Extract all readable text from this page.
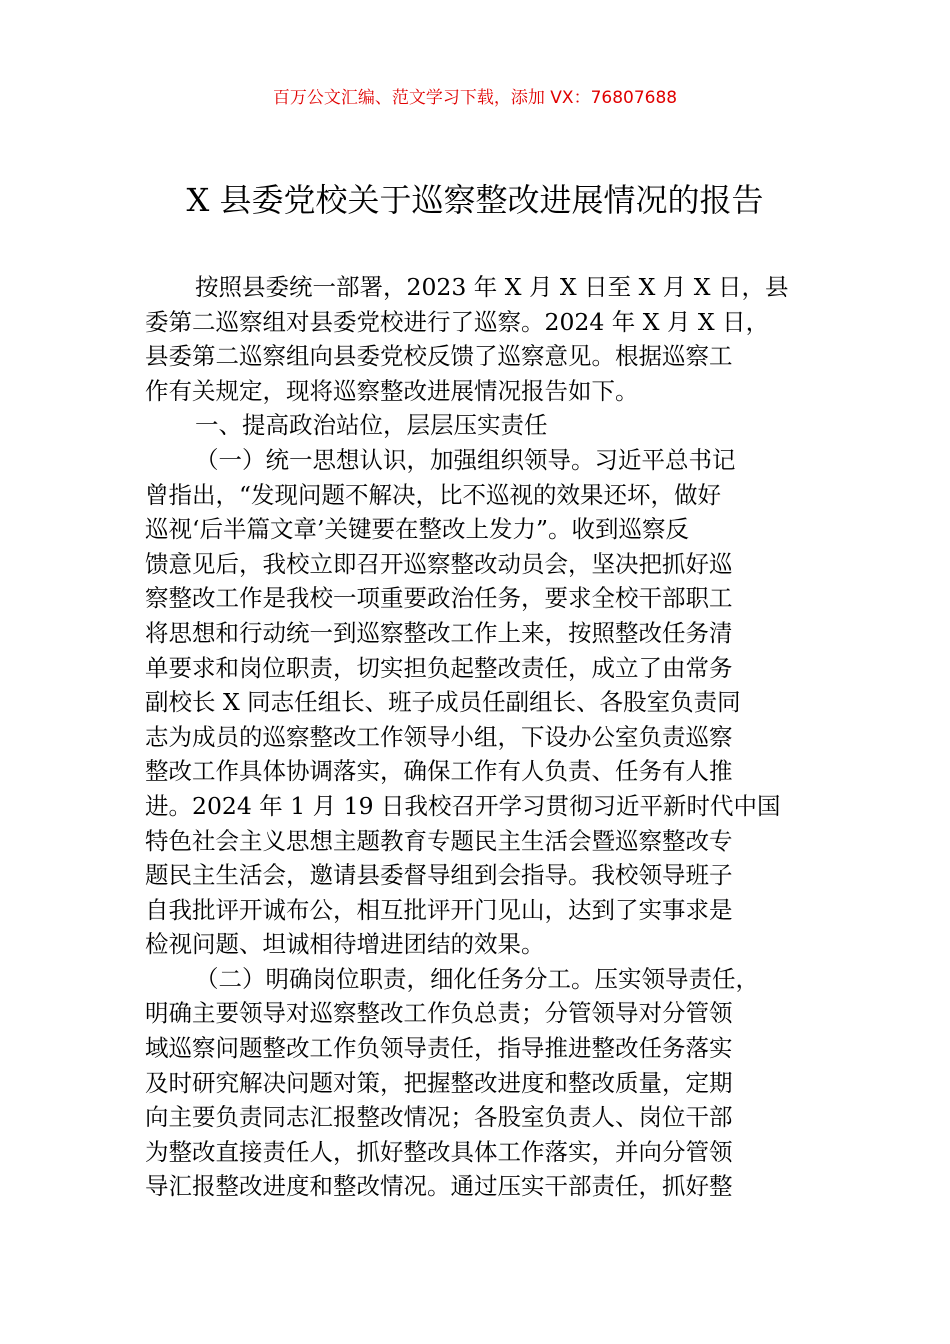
百万公文汇编、范文学习下载，添加 VX：76807688
X 县委党校关于巡察整改进展情况的报告
按照县委统一部署，2023 年 X 月 X 日至 X 月 X 日，县
委第二巡察组对县委党校进行了巡察。2024 年 X 月 X 日，
县委第二巡察组向县委党校反馈了巡察意见。根据巡察工
作有关规定，现将巡察整改进展情况报告如下。
一、提高政治站位，层层压实责任
（一）统一思想认识，加强组织领导。习近平总书记
曾指出，“发现问题不解决，比不巡视的效果还坏，做好
巡视‘后半篇文章’关键要在整改上发力”。收到巡察反
馈意见后，我校立即召开巡察整改动员会，坚决把抓好巡
察整改工作是我校一项重要政治任务，要求全校干部职工
将思想和行动统一到巡察整改工作上来，按照整改任务清
单要求和岗位职责，切实担负起整改责任，成立了由常务
副校长 X 同志任组长、班子成员任副组长、各股室负责同
志为成员的巡察整改工作领导小组，下设办公室负责巡察
整改工作具体协调落实，确保工作有人负责、任务有人推
进。2024 年 1 月 19 日我校召开学习贯彻习近平新时代中国
特色社会主义思想主题教育专题民主生活会暨巡察整改专
题民主生活会，邀请县委督导组到会指导。我校领导班子
自我批评开诚布公，相互批评开门见山，达到了实事求是
检视问题、坦诚相待增进团结的效果。
（二）明确岗位职责，细化任务分工。压实领导责任，
明确主要领导对巡察整改工作负总责；分管领导对分管领
域巡察问题整改工作负领导责任，指导推进整改任务落实
及时研究解决问题对策，把握整改进度和整改质量，定期
向主要负责同志汇报整改情况；各股室负责人、岗位干部
为整改直接责任人，抓好整改具体工作落实，并向分管领
导汇报整改进度和整改情况。通过压实干部责任，抓好整
